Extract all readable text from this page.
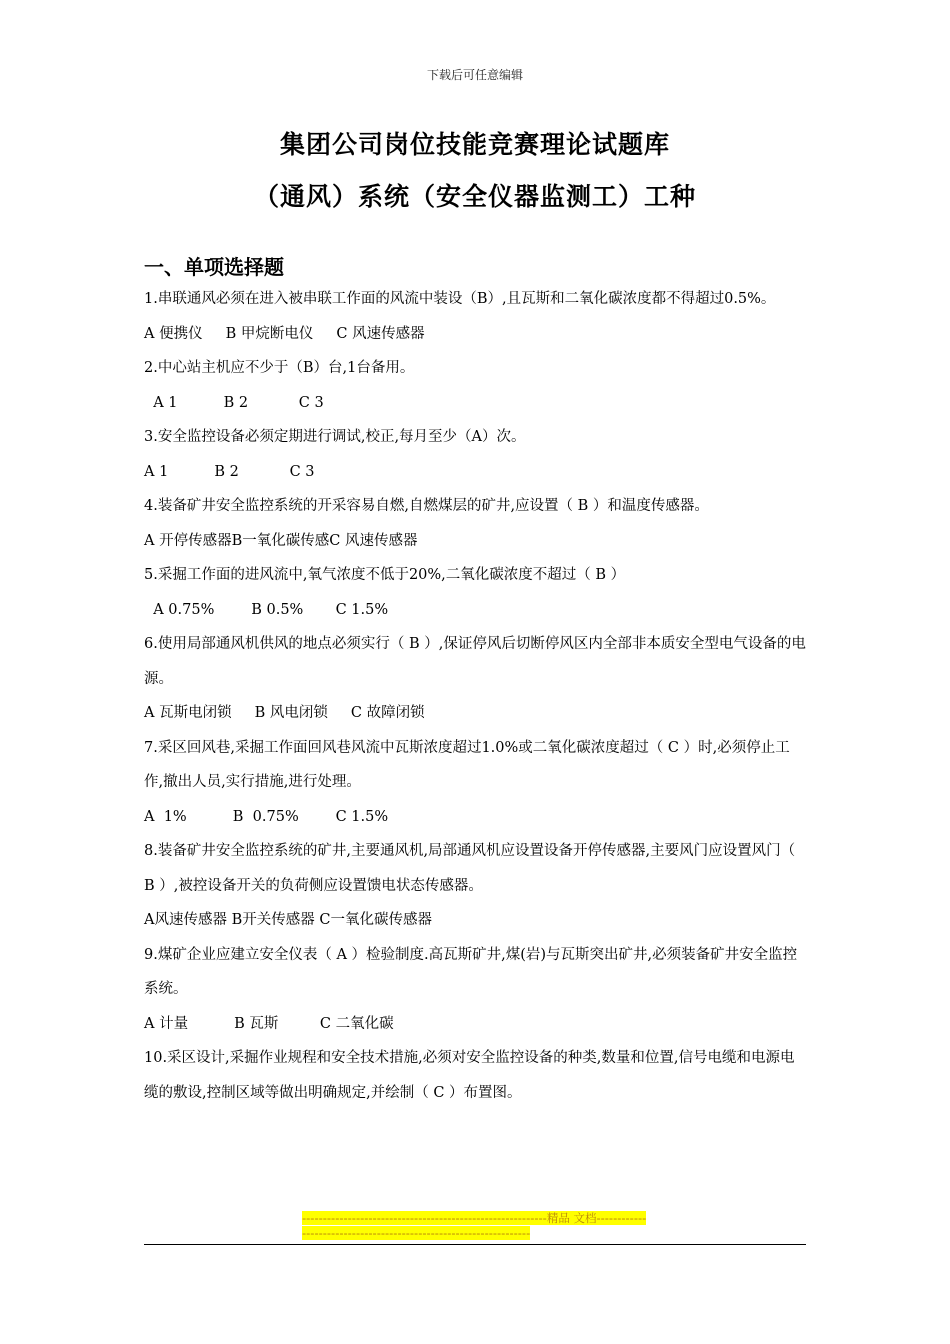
下载后可任意编辑
集团公司岗位技能竞赛理论试题库
（通风）系统（安全仪器监测工）工种
一、单项选择题

1.串联通风必须在进入被串联工作面的风流中装设（B）,且瓦斯和二氧化碳浓度都不得超过0.5%。

A 便携仪     B 甲烷断电仪     C 风速传感器

2.中心站主机应不少于（B）台,1台备用。

A 1          B 2           C 3

3.安全监控设备必须定期进行调试,校正,每月至少（A）次。

A 1          B 2           C 3

4.装备矿井安全监控系统的开采容易自燃,自燃煤层的矿井,应设置（ B ）和温度传感器。

A 开停传感器B一氧化碳传感C 风速传感器

5.采掘工作面的进风流中,氧气浓度不低于20%,二氧化碳浓度不超过（ B ）

A 0.75%        B 0.5%       C 1.5%

6.使用局部通风机供风的地点必须实行（ B ）,保证停风后切断停风区内全部非本质安全型电气设备的电源。

A 瓦斯电闭锁     B 风电闭锁     C 故障闭锁

7.采区回风巷,采掘工作面回风巷风流中瓦斯浓度超过1.0%或二氧化碳浓度超过（ C ）时,必须停止工作,撤出人员,实行措施,进行处理。

A  1%          B  0.75%        C 1.5%

8.装备矿井安全监控系统的矿井,主要通风机,局部通风机应设置设备开停传感器,主要风门应设置风门（ B ）,被控设备开关的负荷侧应设置馈电状态传感器。

A风速传感器 B开关传感器 C一氧化碳传感器

9.煤矿企业应建立安全仪表（ A ）检验制度.高瓦斯矿井,煤(岩)与瓦斯突出矿井,必须装备矿井安全监控系统。

A 计量          B 瓦斯         C 二氧化碳

10.采区设计,采掘作业规程和安全技术措施,必须对安全监控设备的种类,数量和位置,信号电缆和电源电缆的敷设,控制区域等做出明确规定,并绘制（ C ）布置图。

-----------------------------------------------------------精品 文档-------------------------------------------------------------------
